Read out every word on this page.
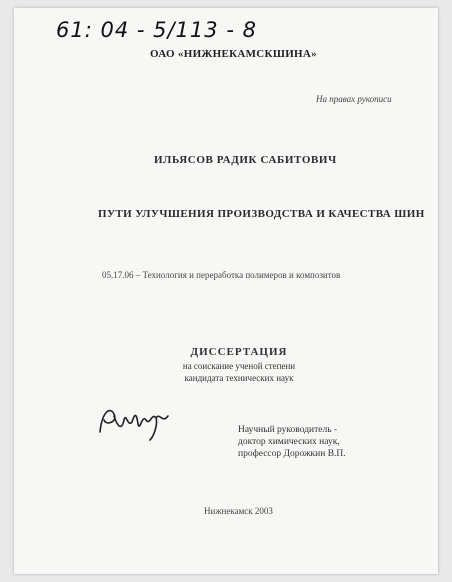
61: 04 - 5/113 - 8
ОАО «НИЖНЕКАМСКШИНА»
На правах рукописи
ИЛЬЯСОВ РАДИК САБИТОВИЧ
ПУТИ УЛУЧШЕНИЯ ПРОИЗВОДСТВА И КАЧЕСТВА ШИН
05.17.06 – Технология и переработка полимеров и композитов
ДИССЕРТАЦИЯ
на соискание ученой степени
кандидата технических наук
Научный руководитель -
доктор химических наук,
профессор Дорожкин В.П.
Нижнекамск 2003
